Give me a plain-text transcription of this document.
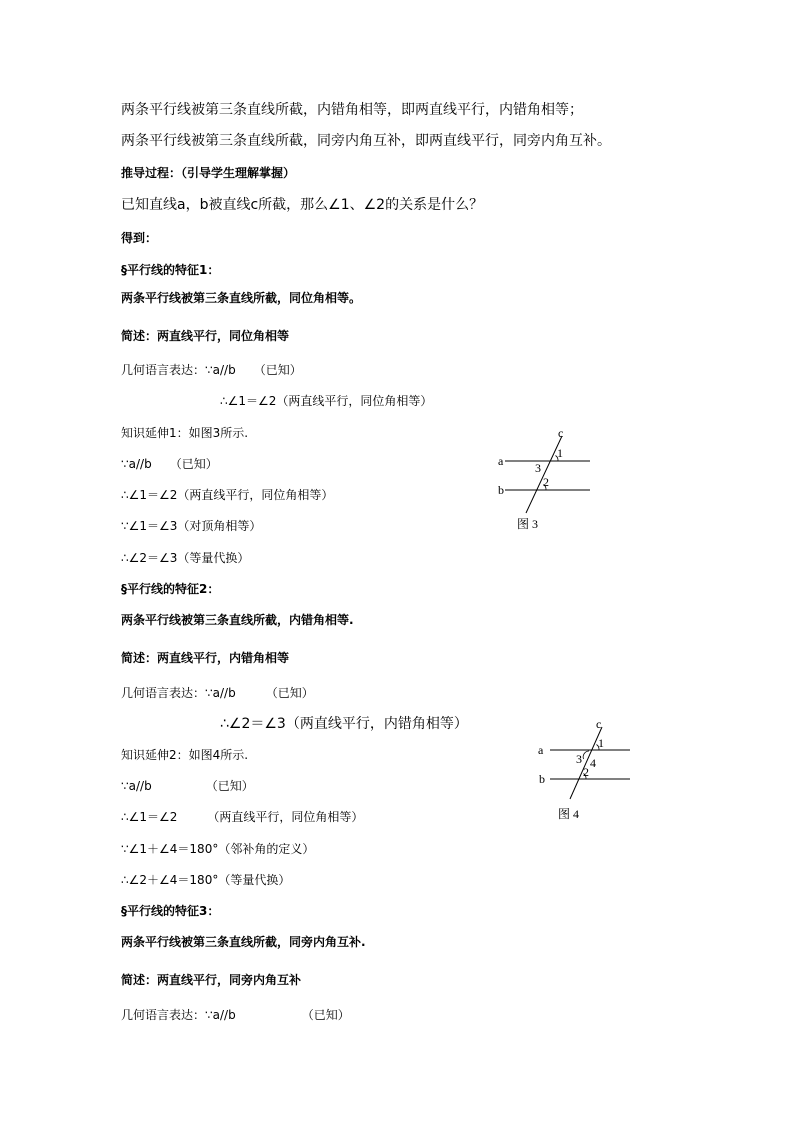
两条平行线被第三条直线所截，内错角相等，即两直线平行，内错角相等；
两条平行线被第三条直线所截，同旁内角互补，即两直线平行，同旁内角互补。
推导过程：（引导学生理解掌握）
已知直线a，b被直线c所截，那么∠1、∠2的关系是什么？
得到：
§平行线的特征1：
两条平行线被第三条直线所截，同位角相等。
简述：两直线平行，同位角相等
几何语言表达：∵a//b　　（已知）
∴∠1＝∠2（两直线平行，同位角相等）
知识延伸1：如图3所示.
∵a//b　　（已知）
∴∠1＝∠2（两直线平行，同位角相等）
∵∠1＝∠3（对顶角相等）
∴∠2＝∠3（等量代换）
§平行线的特征2：
两条平行线被第三条直线所截，内错角相等.
简述：两直线平行，内错角相等
几何语言表达：∵a//b　　　（已知）
∴∠2＝∠3（两直线平行，内错角相等）
知识延伸2：如图4所示.
∵a//b　　　　　（已知）
∴∠1＝∠2　　　（两直线平行，同位角相等）
∵∠1＋∠4＝180°（邻补角的定义）
∴∠2＋∠4＝180°（等量代换）
§平行线的特征3：
两条平行线被第三条直线所截，同旁内角互补.
简述：两直线平行，同旁内角互补
几何语言表达：∵a//b　　　　　　（已知）
c
a
b
1
3
2
图 3
c
a
b
1
3 4
2
图 4
